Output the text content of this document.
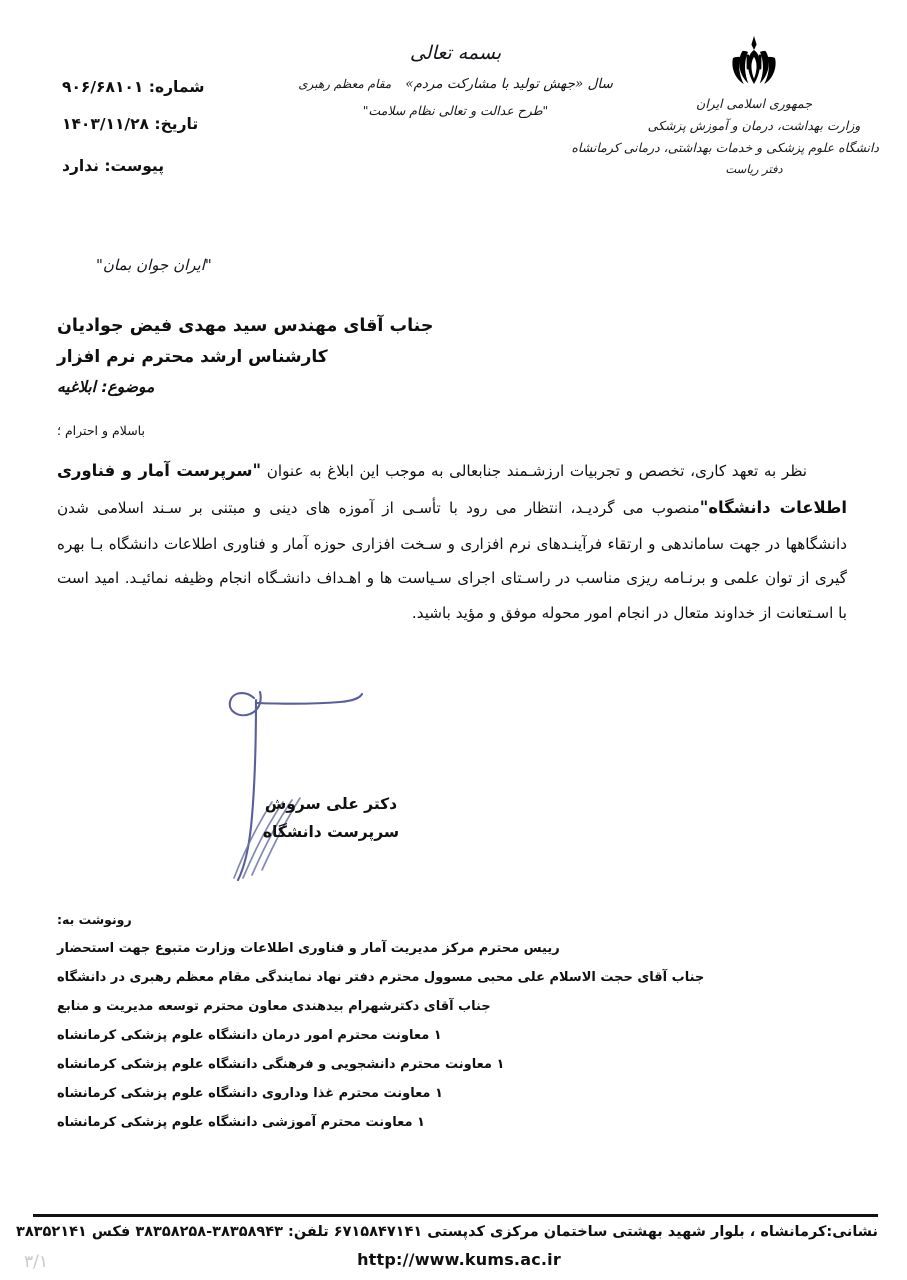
شماره: ۹۰۶/۶۸۱۰۱
تاریخ: ۱۴۰۳/۱۱/۲۸
پیوست: ندارد
بسمه تعالی
سال «جهش تولید با مشارکت مردم»مقام معظم رهبری
"طرح عدالت و تعالی نظام سلامت"	جمهوری اسلامی ایران
وزارت بهداشت، درمان و آموزش پزشکی
دانشگاه علوم پزشکی و خدمات بهداشتی، درمانی کرمانشاه
دفتر ریاست
"ایران جوان بمان"
جناب آقای مهندس سید مهدی فیض جوادیان
کارشناس ارشد محترم نرم افزار
موضوع: ابلاغیه
باسلام و احترام ؛
نظر به تعهد کاری، تخصص و تجربیات ارزشـمند جنابعالی به موجب این ابلاغ به عنوان "سرپرست آمار و فناوری اطلاعات دانشگاه"منصوب می گردیـد، انتظار می رود با تأسـی از آموزه های دینی و مبتنی بر سـند اسلامی شدن دانشگاهها در جهت ساماندهی و ارتقاء فرآینـدهای نرم افزاری و سـخت افزاری حوزه آمار و فناوری اطلاعات دانشگاه بـا بهره گیری از توان علمی و برنـامه ریزی مناسب در راسـتای اجرای سـیاست ها و اهـداف دانشـگاه انجام وظیفه نمائیـد. امید است با اسـتعانت از خداوند متعال در انجام امور محوله موفق و مؤید باشید.
دکتر علی سروش
سرپرست دانشگاه
رونوشت به:
رییس محترم مرکز مدیریت آمار و فناوری اطلاعات وزارت متبوع جهت استحضار
جناب آقای حجت الاسلام علی محبی مسوول محترم دفتر نهاد نمایندگی مقام معظم رهبری در دانشگاه
جناب آقای دکترشهرام بیدهندی معاون محترم توسعه مدیریت و منابع
۱ معاونت محترم امور درمان دانشگاه علوم پزشکی کرمانشاه
۱ معاونت محترم دانشجویی و فرهنگی دانشگاه علوم پزشکی کرمانشاه
۱ معاونت محترم غذا وداروی دانشگاه علوم پزشکی کرمانشاه
۱ معاونت محترم آموزشی دانشگاه علوم پزشکی کرمانشاه
نشانی:کرمانشاه ، بلوار شهید بهشتی ساختمان مرکزی کدپستی ۶۷۱۵۸۴۷۱۴۱ تلفن: ۳۸۳۵۸۹۴۳-۳۸۳۵۸۲۵۸ فکس ۳۸۳۵۲۱۴۱
http://www.kums.ac.ir
۳/۱
